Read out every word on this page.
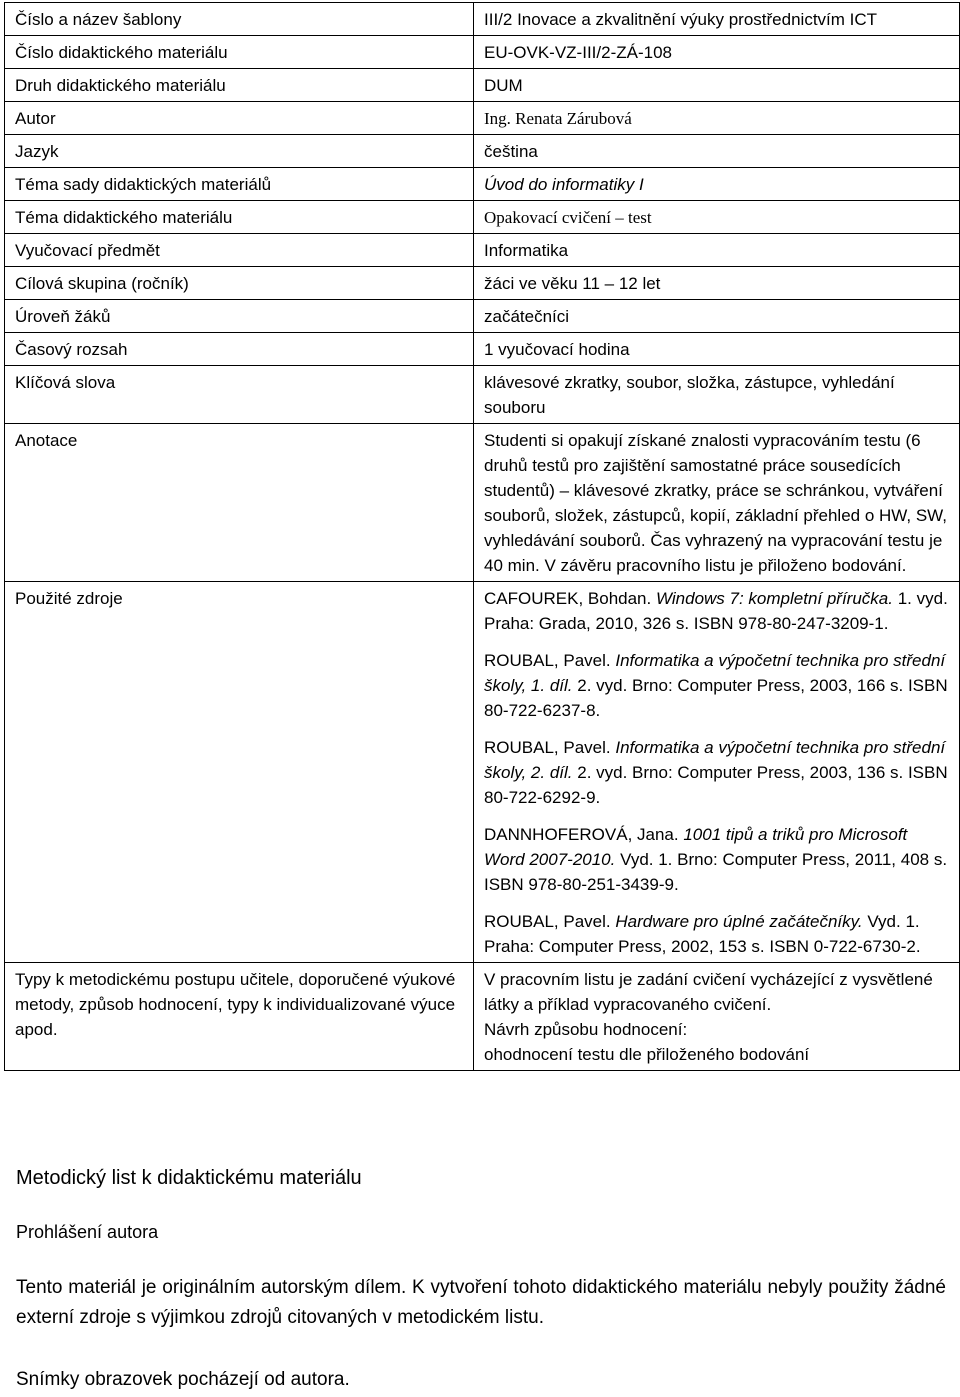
Číslo a název šablony	III/2 Inovace a zkvalitnění výuky prostřednictvím ICT
Číslo didaktického materiálu	EU-OVK-VZ-III/2-ZÁ-108
Druh didaktického materiálu	DUM
Autor	Ing. Renata Zárubová
Jazyk	čeština
Téma sady didaktických materiálů	Úvod do informatiky I
Téma didaktického materiálu	Opakovací cvičení – test
Vyučovací předmět	Informatika
Cílová skupina (ročník)	žáci ve věku 11 – 12 let
Úroveň žáků	začátečníci
Časový rozsah	1 vyučovací hodina
Klíčová slova	klávesové zkratky, soubor, složka, zástupce, vyhledání souboru
Anotace	Studenti si opakují získané znalosti vypracováním testu (6 druhů testů pro zajištění samostatné práce sousedících studentů) – klávesové zkratky, práce se schránkou, vytváření souborů, složek, zástupců, kopií, základní přehled o HW, SW, vyhledávání souborů. Čas vyhrazený na vypracování testu je 40 min. V závěru pracovního listu je přiloženo bodování.
Použité zdroje	CAFOUREK, Bohdan. Windows 7: kompletní příručka. 1. vyd. Praha: Grada, 2010, 326 s. ISBN 978-80-247-3209-1.
ROUBAL, Pavel. Informatika a výpočetní technika pro střední školy, 1. díl. 2. vyd. Brno: Computer Press, 2003, 166 s. ISBN 80-722-6237-8.
ROUBAL, Pavel. Informatika a výpočetní technika pro střední školy, 2. díl. 2. vyd. Brno: Computer Press, 2003, 136 s. ISBN 80-722-6292-9.
DANNHOFEROVÁ, Jana. 1001 tipů a triků pro Microsoft Word 2007-2010. Vyd. 1. Brno: Computer Press, 2011, 408 s. ISBN 978-80-251-3439-9.
ROUBAL, Pavel. Hardware pro úplné začátečníky. Vyd. 1. Praha: Computer Press, 2002, 153 s. ISBN 0-722-6730-2.

Typy k metodickému postupu učitele, doporučené výukové metody, způsob hodnocení, typy k individualizované výuce apod.	V pracovním listu je zadání cvičení vycházející z vysvětlené látky a příklad vypracovaného cvičení.
Návrh způsobu hodnocení:
ohodnocení testu dle přiloženého bodování
Metodický list k didaktickému materiálu
Prohlášení autora
Tento materiál je originálním autorským dílem. K vytvoření tohoto didaktického materiálu nebyly použity žádné externí zdroje s výjimkou zdrojů citovaných v metodickém listu.
Snímky obrazovek pocházejí od autora.
